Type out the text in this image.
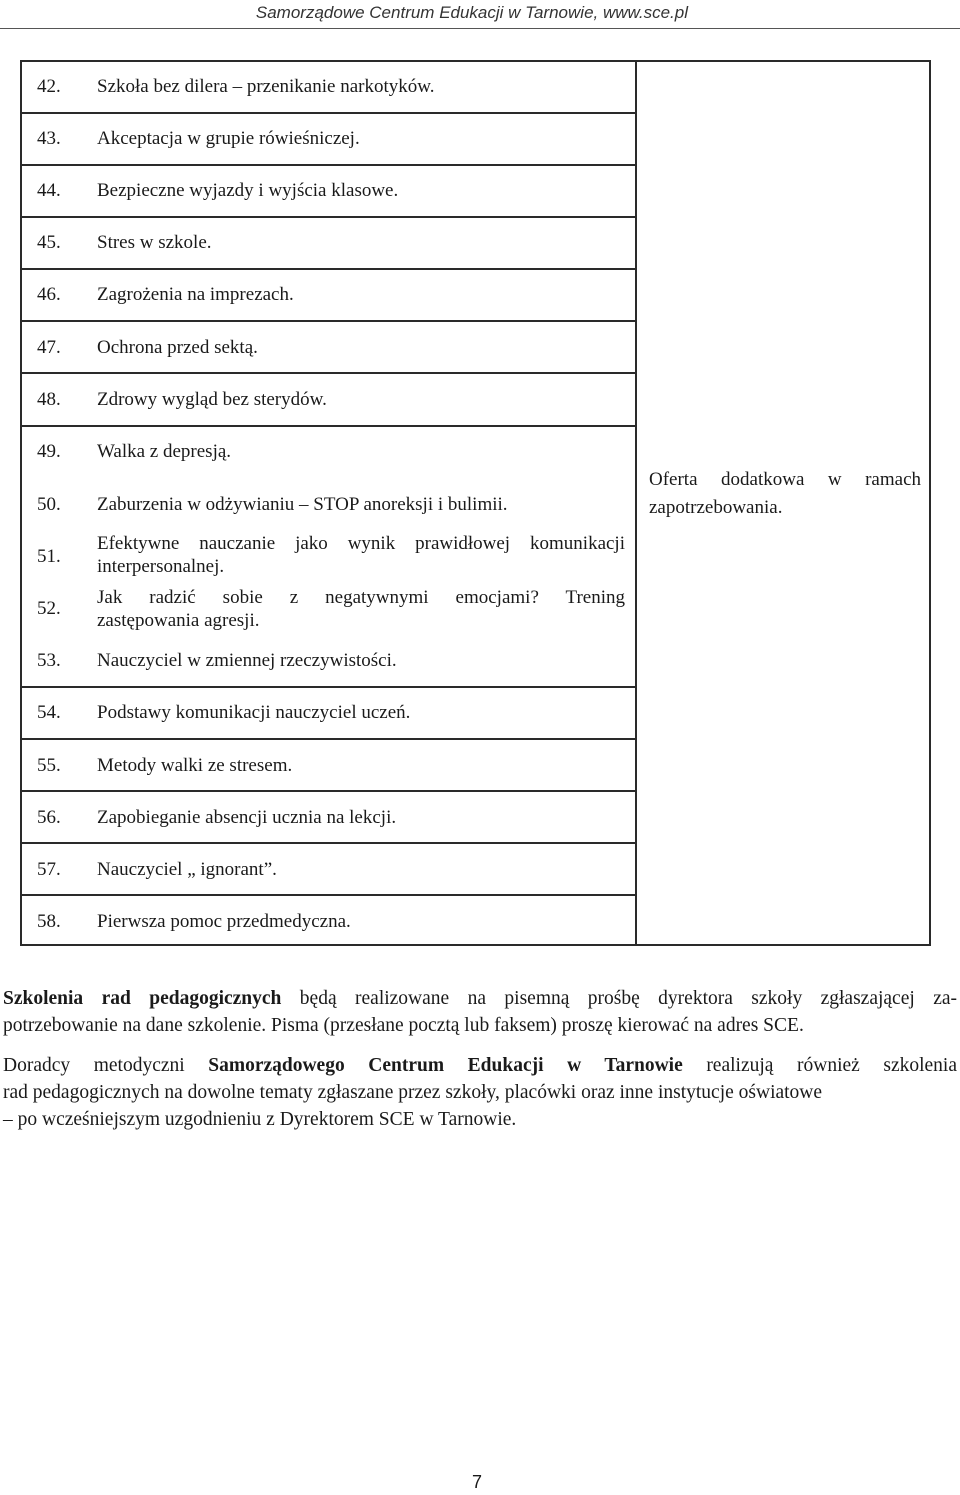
Samorządowe Centrum Edukacji w Tarnowie, www.sce.pl
42. Szkoła bez dilera – przenikanie narkotyków.
43. Akceptacja w grupie rówieśniczej.
44. Bezpieczne wyjazdy i wyjścia klasowe.
45. Stres w szkole.
46. Zagrożenia na imprezach.
47. Ochrona przed sektą.
48. Zdrowy wygląd bez sterydów.
49. Walka z depresją.
50. Zaburzenia w odżywianiu – STOP anoreksji i bulimii.
51.
Efektywne nauczanie jako wynik prawidłowej komunikacji
interpersonalnej.
52.
Jak radzić sobie z negatywnymi emocjami? Trening
zastępowania agresji.
53. Nauczyciel w zmiennej rzeczywistości.
54. Podstawy komunikacji nauczyciel uczeń.
55. Metody walki ze stresem.
56. Zapobieganie absencji ucznia na lekcji.
57. Nauczyciel „ ignorant”.
58. Pierwsza pomoc przedmedyczna.
Oferta dodatkowa w ramach
zapotrzebowania.
Szkolenia rad pedagogicznych będą realizowane na pisemną prośbę dyrektora szkoły zgłaszającej za-
potrzebowanie na dane szkolenie. Pisma (przesłane pocztą lub faksem) proszę kierować na adres SCE.
Doradcy metodyczni Samorządowego Centrum Edukacji w Tarnowie realizują również szkolenia
rad pedagogicznych na dowolne tematy zgłaszane przez szkoły, placówki oraz inne instytucje oświatowe
– po wcześniejszym uzgodnieniu z Dyrektorem SCE w Tarnowie.
7
